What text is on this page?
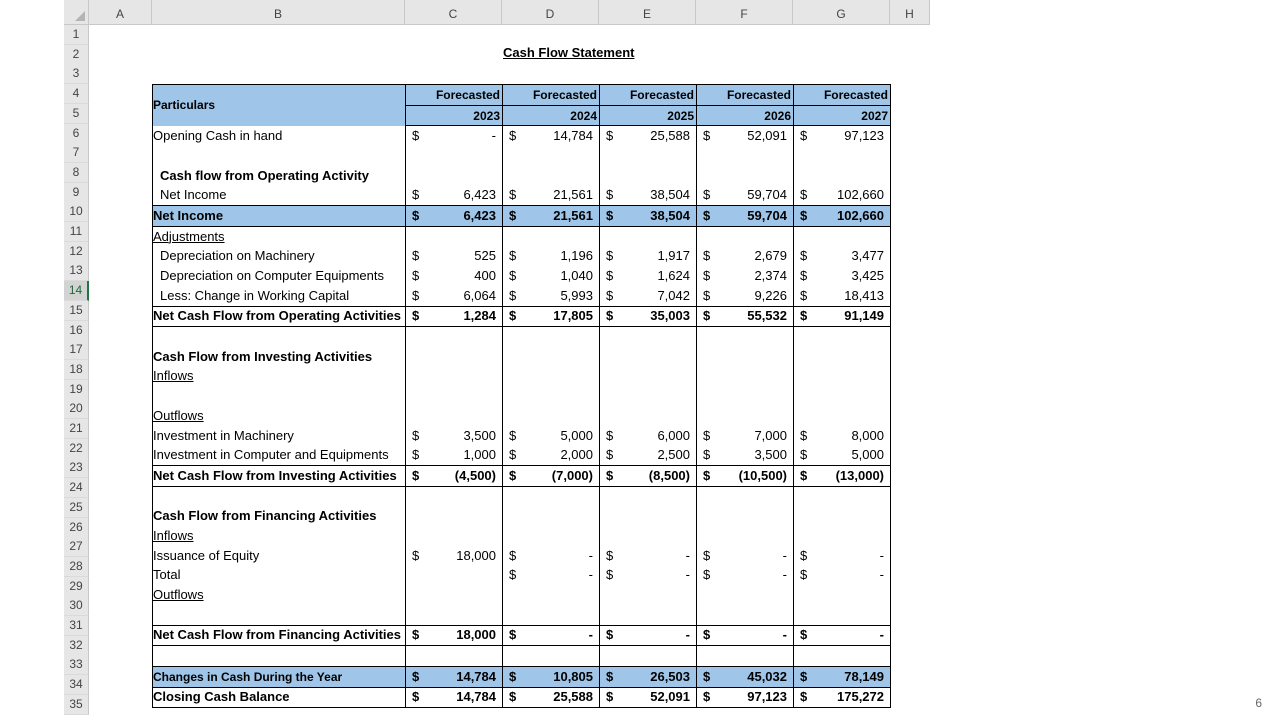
A	B	C	D	E	F	G	H
1
2
3
4
5
6
7
8
9
10
11
12
13
14
15
16
17
18
19
20
21
22
23
24
25
26
27
28
29
30
31
32
33
34
35
Cash Flow Statement
Particulars	Forecasted	Forecasted	Forecasted	Forecasted	Forecasted
	2023	2024	2025	2026	2027
Opening Cash in hand	$ -	$ 14,784	$ 25,588	$ 52,091	$ 97,123

Cash flow from Operating Activity					
Net Income	$ 6,423	$ 21,561	$ 38,504	$ 59,704	$ 102,660

Net Income	$ 6,423	$ 21,561	$ 38,504	$ 59,704	$ 102,660

Adjustments					
Depreciation on Machinery	$ 525	$ 1,196	$ 1,917	$ 2,679	$ 3,477

Depreciation on Computer Equipments	$ 400	$ 1,040	$ 1,624	$ 2,374	$ 3,425

Less: Change in Working Capital	$ 6,064	$ 5,993	$ 7,042	$ 9,226	$ 18,413

Net Cash Flow from Operating Activities	$ 1,284	$ 17,805	$ 35,003	$ 55,532	$ 91,149

Cash Flow from Investing Activities					
Inflows					

Outflows					
Investment in Machinery	$ 3,500	$ 5,000	$ 6,000	$ 7,000	$ 8,000

Investment in Computer and Equipments	$ 1,000	$ 2,000	$ 2,500	$ 3,500	$ 5,000

Net Cash Flow from Investing Activities	$ (4,500)	$ (7,000)	$ (8,500)	$ (10,500)	$ (13,000)

Cash Flow from Financing Activities					
Inflows					
Issuance of Equity	$ 18,000	$ -	$ -	$ -	$ -

Total		$ -	$ -	$ -	$ -

Outflows					

Net Cash Flow from Financing Activities	$ 18,000	$ -	$ -	$ -	$ -

Changes in Cash During the Year	$ 14,784	$ 10,805	$ 26,503	$ 45,032	$ 78,149

Closing Cash Balance	$ 14,784	$ 25,588	$ 52,091	$ 97,123	$ 175,272	6
